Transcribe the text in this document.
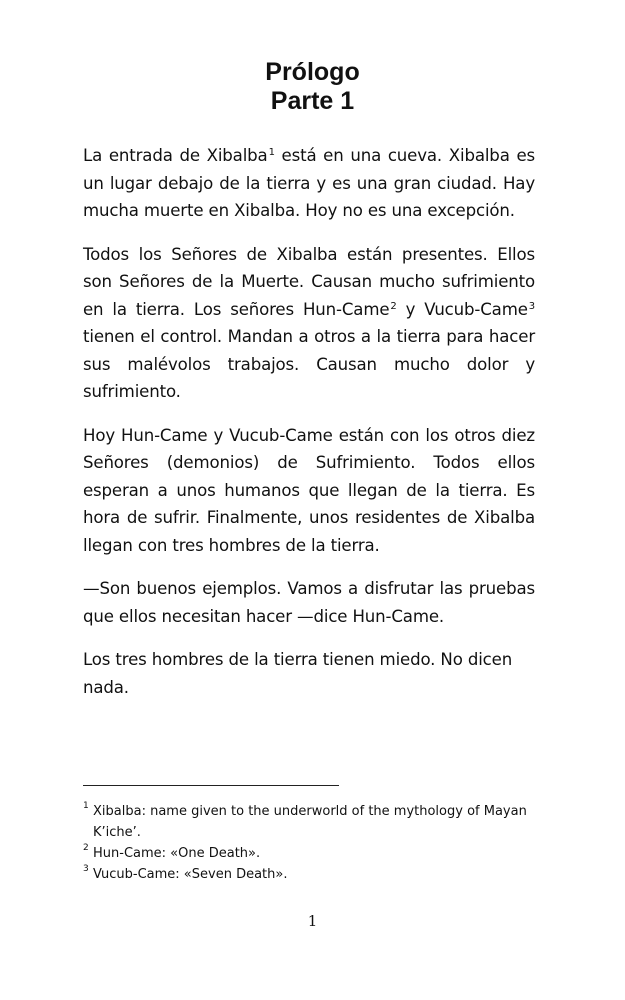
Prólogo
Parte 1

La entrada de Xibalba$^1$ está en una cueva. Xibalba es un lugar debajo de la tierra y es una gran ciudad. Hay mucha muerte en Xibalba. Hoy no es una excepción.

Todos los Señores de Xibalba están presentes. Ellos son Señores de la Muerte. Causan mucho sufrimiento en la tierra. Los señores Hun-Came$^2$ y Vucub-Came$^3$ tienen el control. Mandan a otros a la tierra para hacer sus malévolos trabajos. Causan mucho dolor y sufrimiento.

Hoy Hun-Came y Vucub-Came están con los otros diez Señores (demonios) de Sufrimiento. Todos ellos esperan a unos humanos que llegan de la tierra. Es hora de sufrir. Finalmente, unos residentes de Xibalba llegan con tres hombres de la tierra.

—Son buenos ejemplos. Vamos a disfrutar las pruebas que ellos necesitan hacer —dice Hun-Came.

Los tres hombres de la tierra tienen miedo. No dicen nada.

1 Xibalba: name given to the underworld of the mythology of Mayan K’iche’.
2 Hun-Came: «One Death».
3 Vucub-Came: «Seven Death».
1
